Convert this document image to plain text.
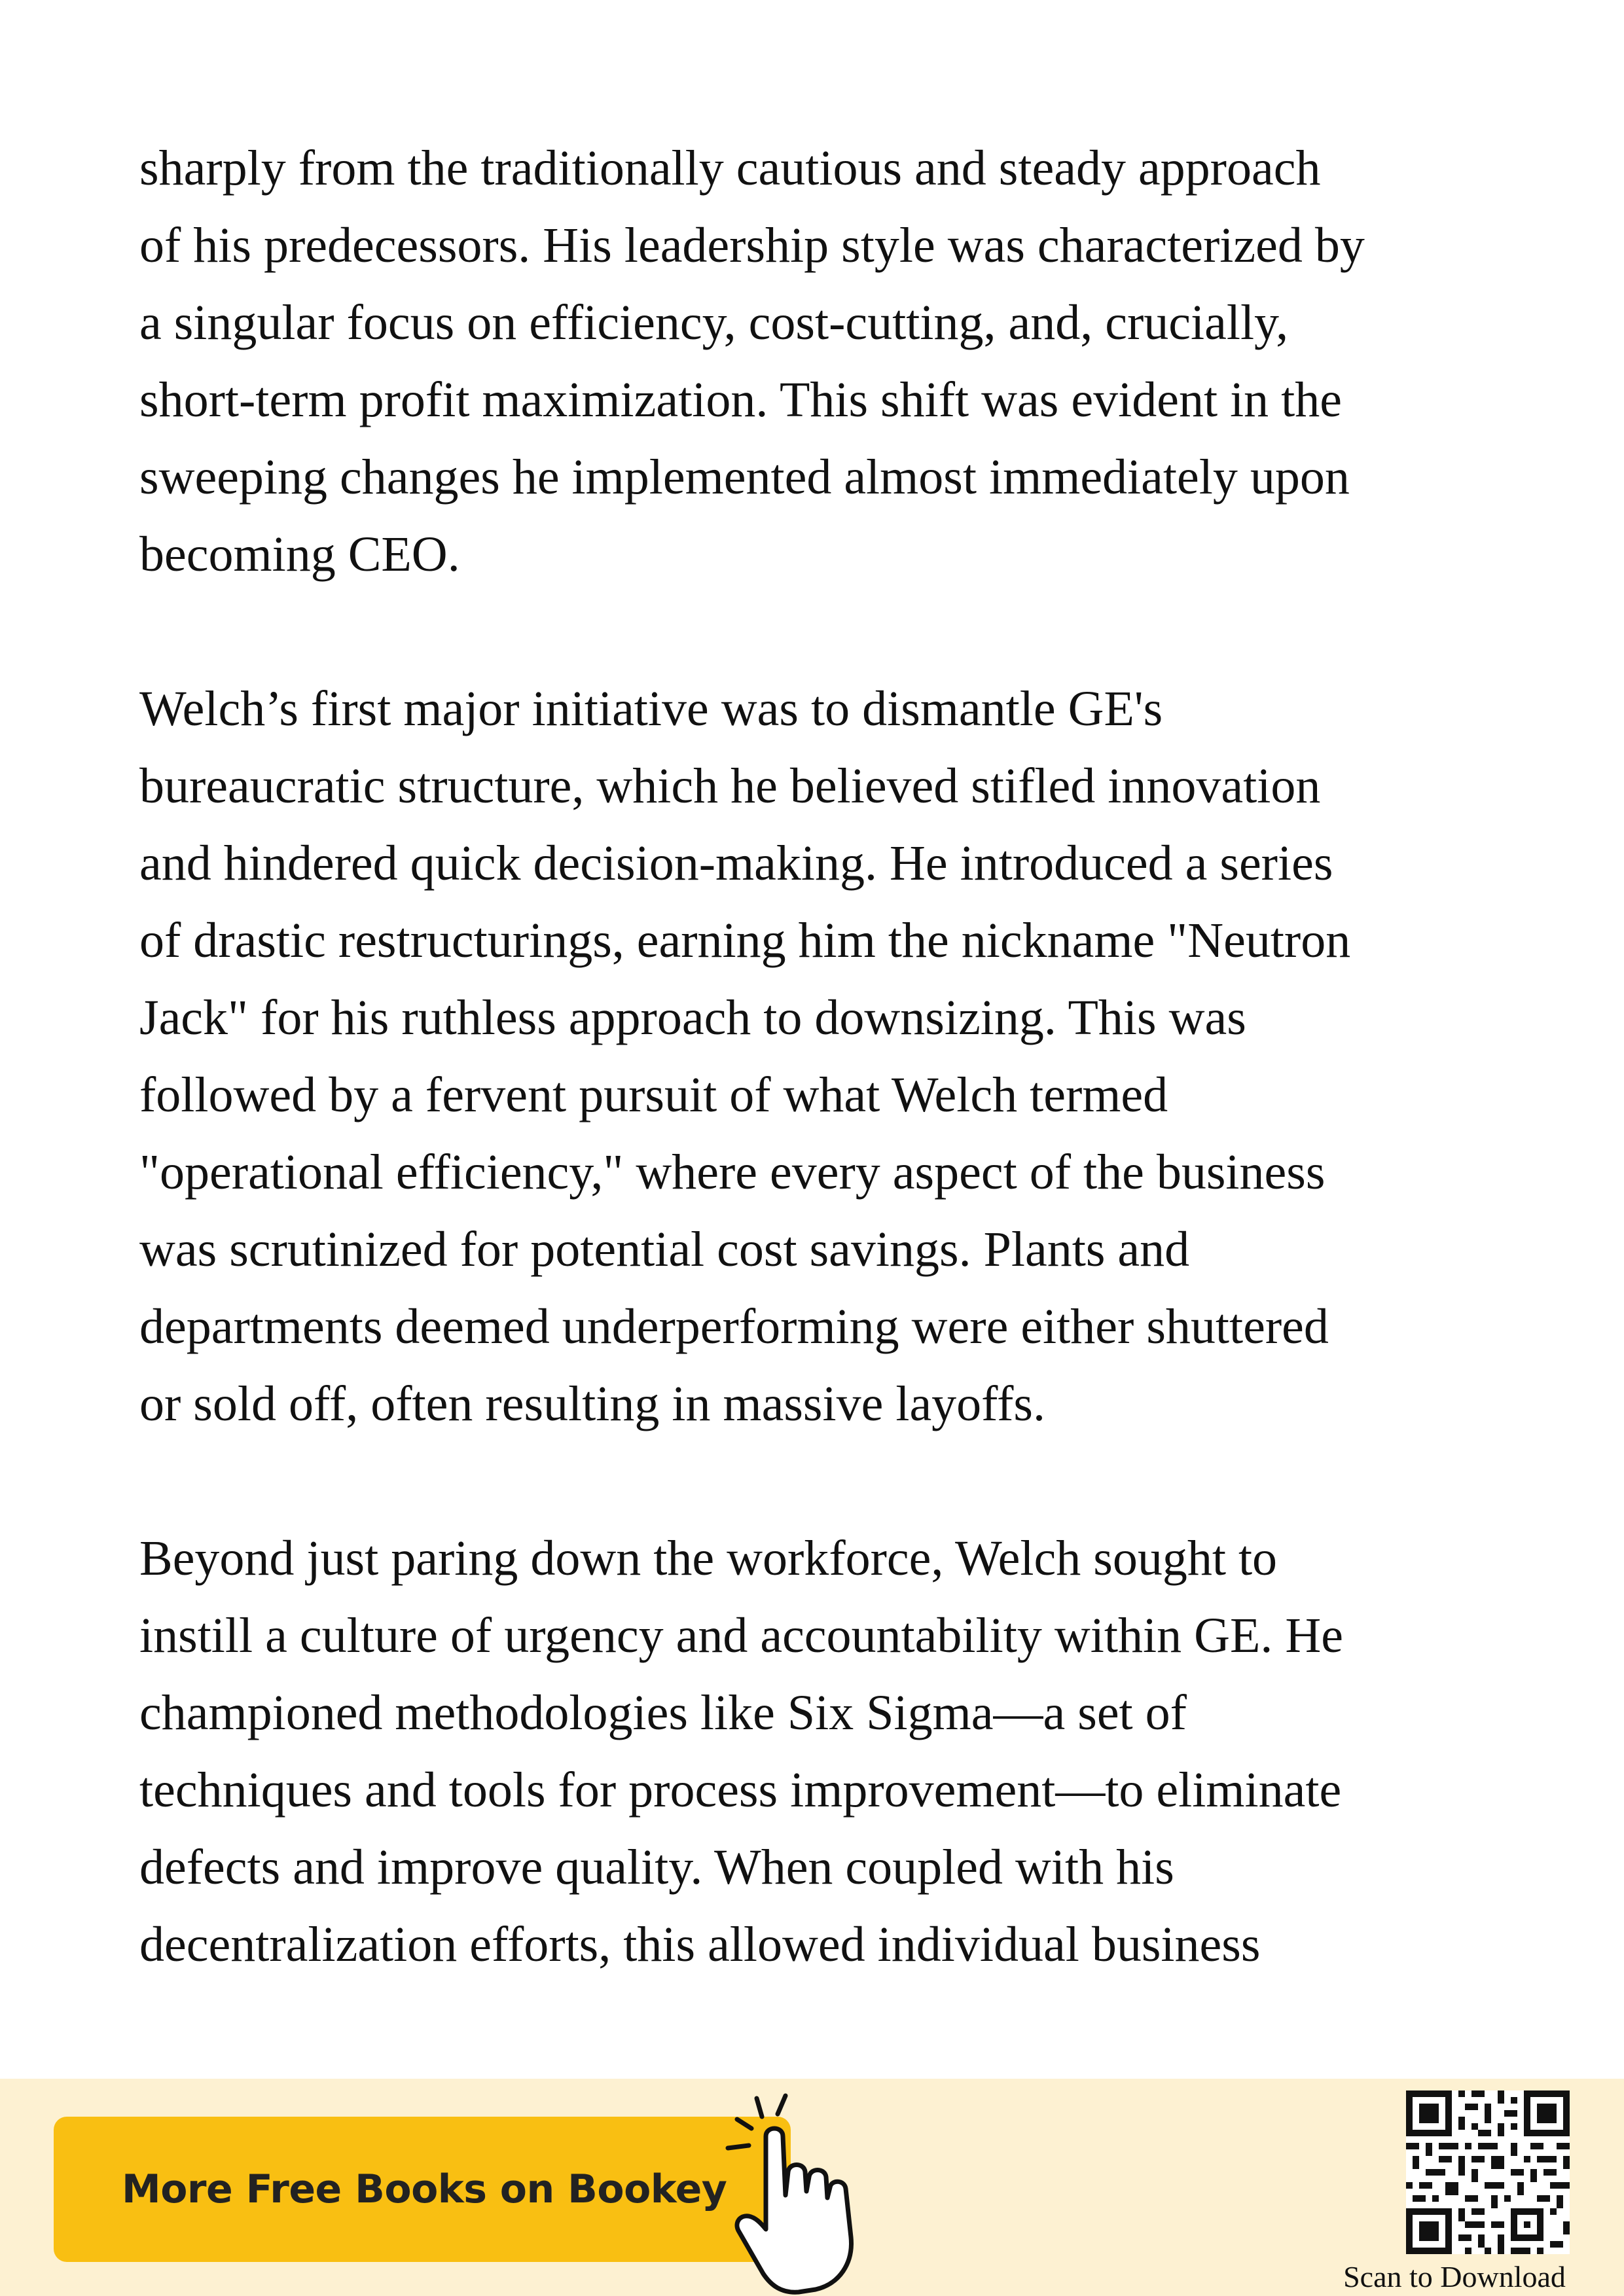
sharply from the traditionally cautious and steady approach
of his predecessors. His leadership style was characterized by
a singular focus on efficiency, cost-cutting, and, crucially,
short-term profit maximization. This shift was evident in the
sweeping changes he implemented almost immediately upon
becoming CEO.

Welch’s first major initiative was to dismantle GE's
bureaucratic structure, which he believed stifled innovation
and hindered quick decision-making. He introduced a series
of drastic restructurings, earning him the nickname "Neutron
Jack" for his ruthless approach to downsizing. This was
followed by a fervent pursuit of what Welch termed
"operational efficiency," where every aspect of the business
was scrutinized for potential cost savings. Plants and
departments deemed underperforming were either shuttered
or sold off, often resulting in massive layoffs.

Beyond just paring down the workforce, Welch sought to
instill a culture of urgency and accountability within GE. He
championed methodologies like Six Sigma—a set of
techniques and tools for process improvement—to eliminate
defects and improve quality. When coupled with his
decentralization efforts, this allowed individual business

More Free Books on Bookey
Scan to Download
